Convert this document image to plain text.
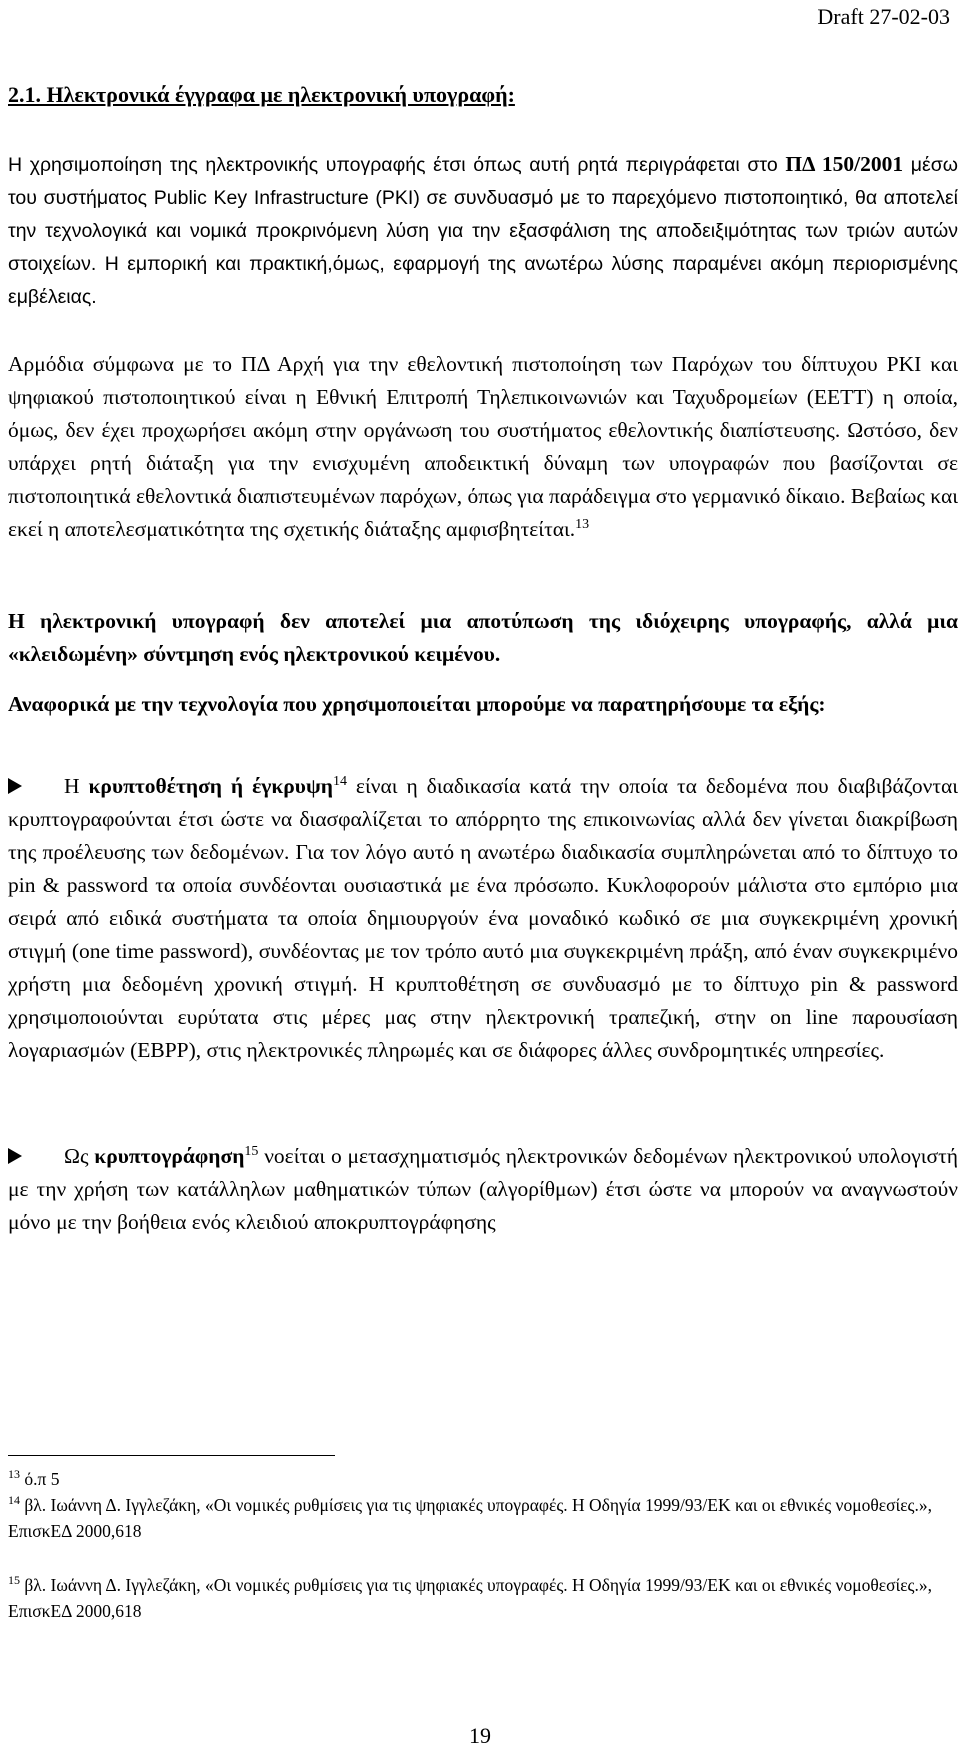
Draft 27-02-03
2.1. Ηλεκτρονικά έγγραφα με ηλεκτρονική υπογραφή:
Η χρησιμοποίηση της ηλεκτρονικής υπογραφής έτσι όπως αυτή ρητά περιγράφεται στο ΠΔ 150/2001 μέσω του συστήματος Public Key Infrastructure (PKI) σε συνδυασμό με το παρεχόμενο πιστοποιητικό, θα αποτελεί την τεχνολογικά και νομικά προκρινόμενη λύση για την εξασφάλιση της αποδειξιμότητας των τριών αυτών στοιχείων. Η εμπορική και πρακτική,όμως, εφαρμογή της ανωτέρω λύσης παραμένει ακόμη περιορισμένης εμβέλειας.
Αρμόδια σύμφωνα με το ΠΔ Αρχή για την εθελοντική πιστοποίηση των Παρόχων του δίπτυχου PKI και ψηφιακού πιστοποιητικού είναι η Εθνική Επιτροπή Τηλεπικοινωνιών και Ταχυδρομείων (ΕΕΤΤ) η οποία, όμως, δεν έχει προχωρήσει ακόμη στην οργάνωση του συστήματος εθελοντικής διαπίστευσης. Ωστόσο, δεν υπάρχει ρητή διάταξη για την ενισχυμένη αποδεικτική δύναμη των υπογραφών που βασίζονται σε πιστοποιητικά εθελοντικά διαπιστευμένων παρόχων, όπως για παράδειγμα στο γερμανικό δίκαιο. Βεβαίως και εκεί η αποτελεσματικότητα της σχετικής διάταξης αμφισβητείται.$^{13}$
Η ηλεκτρονική υπογραφή δεν αποτελεί μια αποτύπωση της ιδιόχειρης υπογραφής, αλλά μια «κλειδωμένη» σύντμηση ενός ηλεκτρονικού κειμένου.
Αναφορικά με την τεχνολογία που χρησιμοποιείται μπορούμε να παρατηρήσουμε τα εξής:
Η κρυπτοθέτηση ή έγκρυψη$^{14}$ είναι η διαδικασία κατά την οποία τα δεδομένα που διαβιβάζονται κρυπτογραφούνται έτσι ώστε να διασφαλίζεται το απόρρητο της επικοινωνίας αλλά δεν γίνεται διακρίβωση της προέλευσης των δεδομένων. Για τον λόγο αυτό η ανωτέρω διαδικασία συμπληρώνεται από το δίπτυχο το pin & password τα οποία συνδέονται ουσιαστικά με ένα πρόσωπο. Κυκλοφορούν μάλιστα στο εμπόριο μια σειρά από ειδικά συστήματα τα οποία δημιουργούν ένα μοναδικό κωδικό σε μια συγκεκριμένη χρονική στιγμή (one time password), συνδέοντας με τον τρόπο αυτό μια συγκεκριμένη πράξη, από έναν συγκεκριμένο χρήστη μια δεδομένη χρονική στιγμή. Η κρυπτοθέτηση σε συνδυασμό με το δίπτυχο pin & password χρησιμοποιούνται ευρύτατα στις μέρες μας στην ηλεκτρονική τραπεζική, στην on line παρουσίαση λογαριασμών (EBPP), στις ηλεκτρονικές πληρωμές και σε διάφορες άλλες συνδρομητικές υπηρεσίες.
Ως κρυπτογράφηση$^{15}$ νοείται ο μετασχηματισμός ηλεκτρονικών δεδομένων ηλεκτρονικού υπολογιστή με την χρήση των κατάλληλων μαθηματικών τύπων (αλγορίθμων) έτσι ώστε να μπορούν να αναγνωστούν μόνο με την βοήθεια ενός κλειδιού αποκρυπτογράφησης
$^{13}$ ό.π 5
$^{14}$ βλ. Ιωάννη Δ. Ιγγλεζάκη, «Οι νομικές ρυθμίσεις για τις ψηφιακές υπογραφές. Η Οδηγία 1999/93/ΕΚ και οι εθνικές νομοθεσίες.», ΕπισκΕΔ 2000,618
$^{15}$ βλ. Ιωάννη Δ. Ιγγλεζάκη, «Οι νομικές ρυθμίσεις για τις ψηφιακές υπογραφές. Η Οδηγία 1999/93/ΕΚ και οι εθνικές νομοθεσίες.», ΕπισκΕΔ 2000,618
19
